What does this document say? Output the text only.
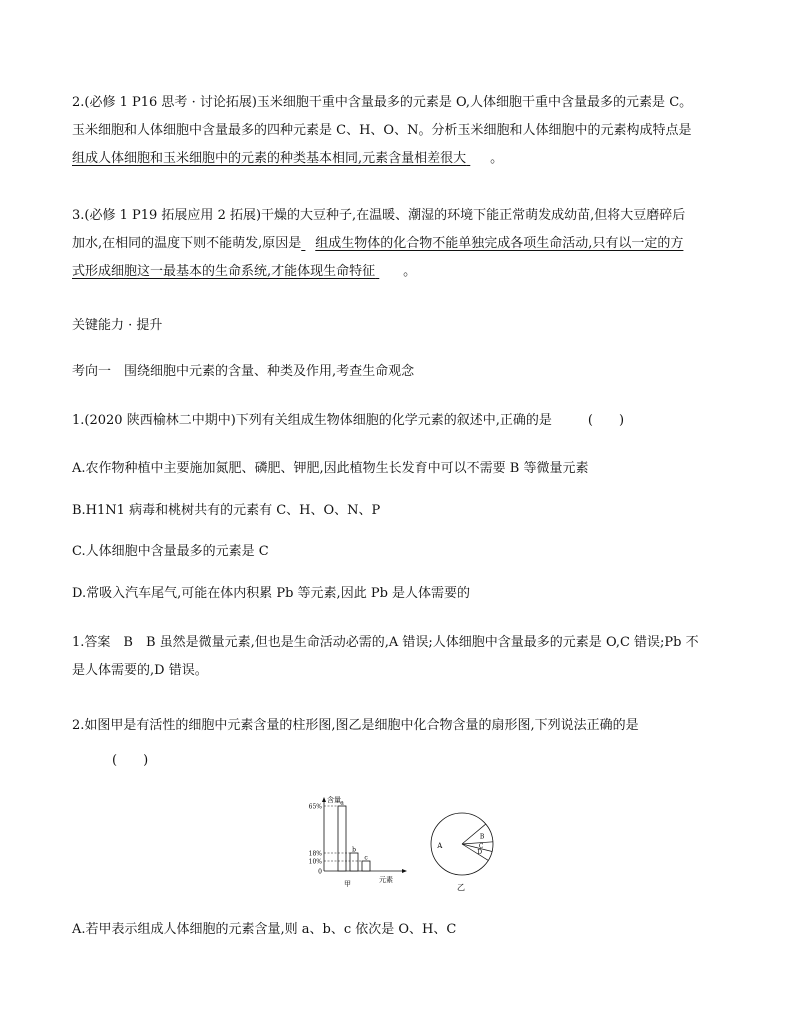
2.(必修 1 P16 思考 · 讨论拓展)玉米细胞干重中含量最多的元素是 O,人体细胞干重中含量最多的元素是 C。
玉米细胞和人体细胞中含量最多的四种元素是 C、H、O、N。分析玉米细胞和人体细胞中的元素构成特点是
组成人体细胞和玉米细胞中的元素的种类基本相同,元素含量相差很大 。
3.(必修 1 P19 拓展应用 2 拓展)干燥的大豆种子,在温暖、潮湿的环境下能正常萌发成幼苗,但将大豆磨碎后
加水,在相同的温度下则不能萌发,原因是 组成生物体的化合物不能单独完成各项生命活动,只有以一定的方
式形成细胞这一最基本的生命系统,才能体现生命特征 。
关键能力 · 提升
考向一　围绕细胞中元素的含量、种类及作用,考查生命观念
1.(2020 陕西榆林二中期中)下列有关组成生物体细胞的化学元素的叙述中,正确的是	(　　)
A.农作物种植中主要施加氮肥、磷肥、钾肥,因此植物生长发育中可以不需要 B 等微量元素
B.H1N1 病毒和桃树共有的元素有 C、H、O、N、P
C.人体细胞中含量最多的元素是 C
D.常吸入汽车尾气,可能在体内积累 Pb 等元素,因此 Pb 是人体需要的
1.答案　B　B 虽然是微量元素,但也是生命活动必需的,A 错误;人体细胞中含量最多的元素是 O,C 错误;Pb 不
是人体需要的,D 错误。
2.如图甲是有活性的细胞中元素含量的柱形图,图乙是细胞中化合物含量的扇形图,下列说法正确的是
(　　)
含量
元素
甲
a
65%
b
18%
c
10%
0
B
C
D
A
乙
A.若甲表示组成人体细胞的元素含量,则 a、b、c 依次是 O、H、C
